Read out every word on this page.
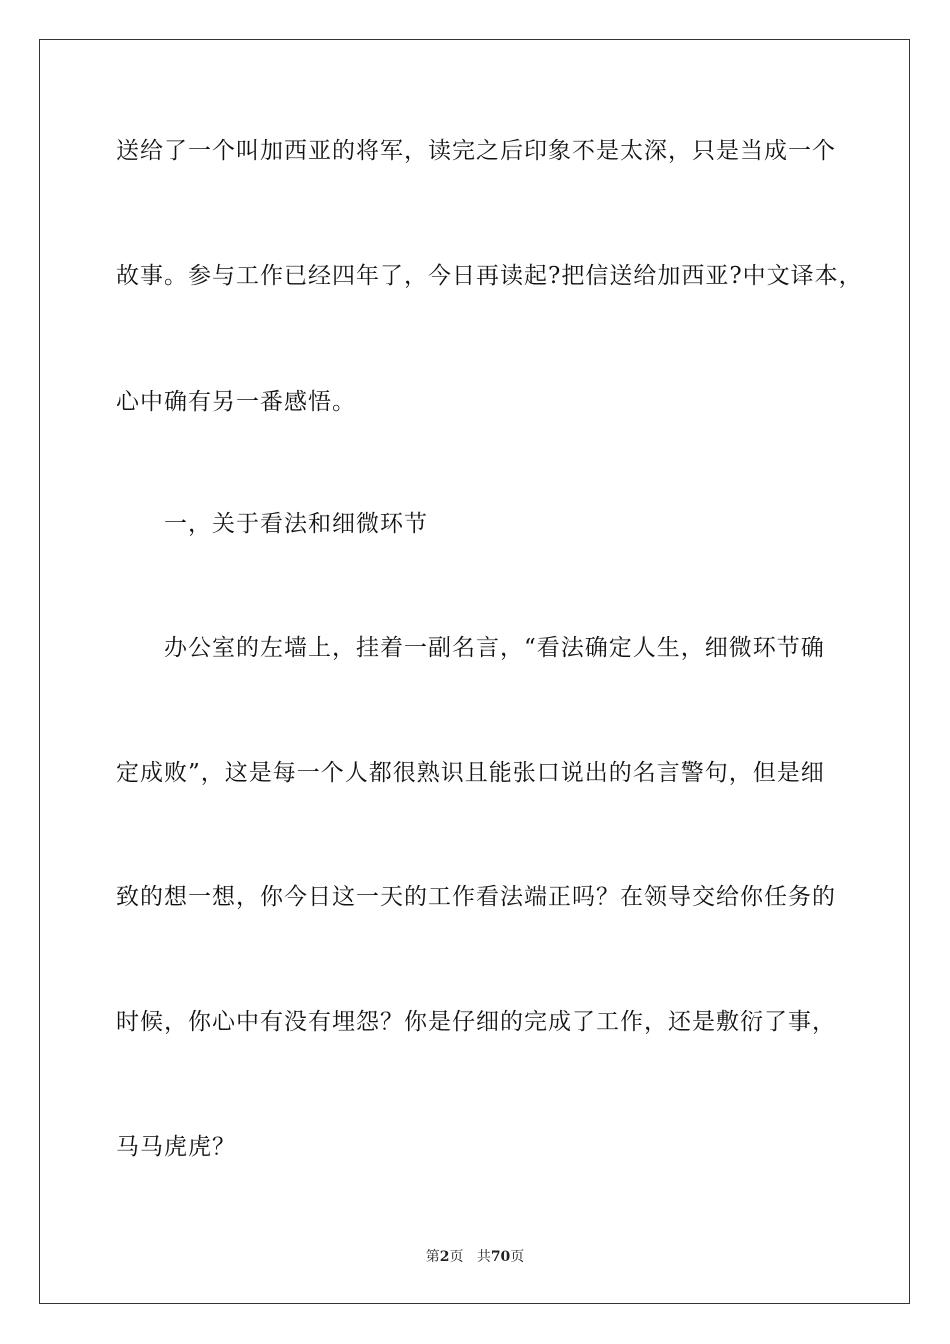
送给了一个叫加西亚的将军，读完之后印象不是太深，只是当成一个
故事。参与工作已经四年了，今日再读起?把信送给加西亚?中文译本，
心中确有另一番感悟。
一，关于看法和细微环节
办公室的左墙上，挂着一副名言，“看法确定人生，细微环节确
定成败”，这是每一个人都很熟识且能张口说出的名言警句，但是细
致的想一想，你今日这一天的工作看法端正吗？在领导交给你任务的
时候，你心中有没有埋怨？你是仔细的完成了工作，还是敷衍了事，
马马虎虎？
第2页 共70页
